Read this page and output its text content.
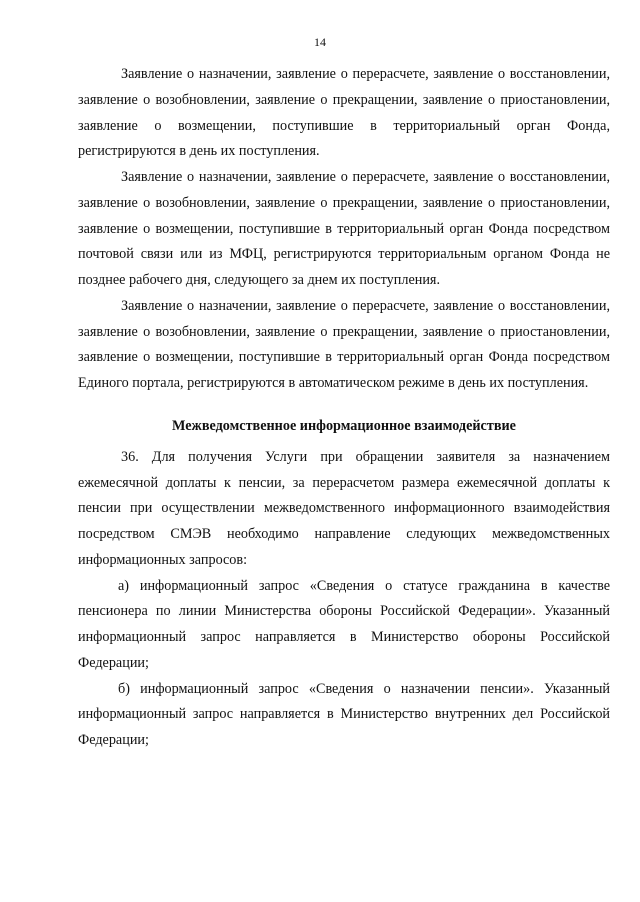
14

Заявление о назначении, заявление о перерасчете, заявление о восстановлении, заявление о возобновлении, заявление о прекращении, заявление о приостановлении, заявление о возмещении, поступившие в территориальный орган Фонда, регистрируются в день их поступления.

Заявление о назначении, заявление о перерасчете, заявление о восстановлении, заявление о возобновлении, заявление о прекращении, заявление о приостановлении, заявление о возмещении, поступившие в территориальный орган Фонда посредством почтовой связи или из МФЦ, регистрируются территориальным органом Фонда не позднее рабочего дня, следующего за днем их поступления.

Заявление о назначении, заявление о перерасчете, заявление о восстановлении, заявление о возобновлении, заявление о прекращении, заявление о приостановлении, заявление о возмещении, поступившие в территориальный орган Фонда посредством Единого портала, регистрируются в автоматическом режиме в день их поступления.

Межведомственное информационное взаимодействие

36. Для получения Услуги при обращении заявителя за назначением ежемесячной доплаты к пенсии, за перерасчетом размера ежемесячной доплаты к пенсии при осуществлении межведомственного информационного взаимодействия посредством СМЭВ необходимо направление следующих межведомственных информационных запросов:

а) информационный запрос «Сведения о статусе гражданина в качестве пенсионера по линии Министерства обороны Российской Федерации». Указанный информационный запрос направляется в Министерство обороны Российской Федерации;

б) информационный запрос «Сведения о назначении пенсии». Указанный информационный запрос направляется в Министерство внутренних дел Российской Федерации;
